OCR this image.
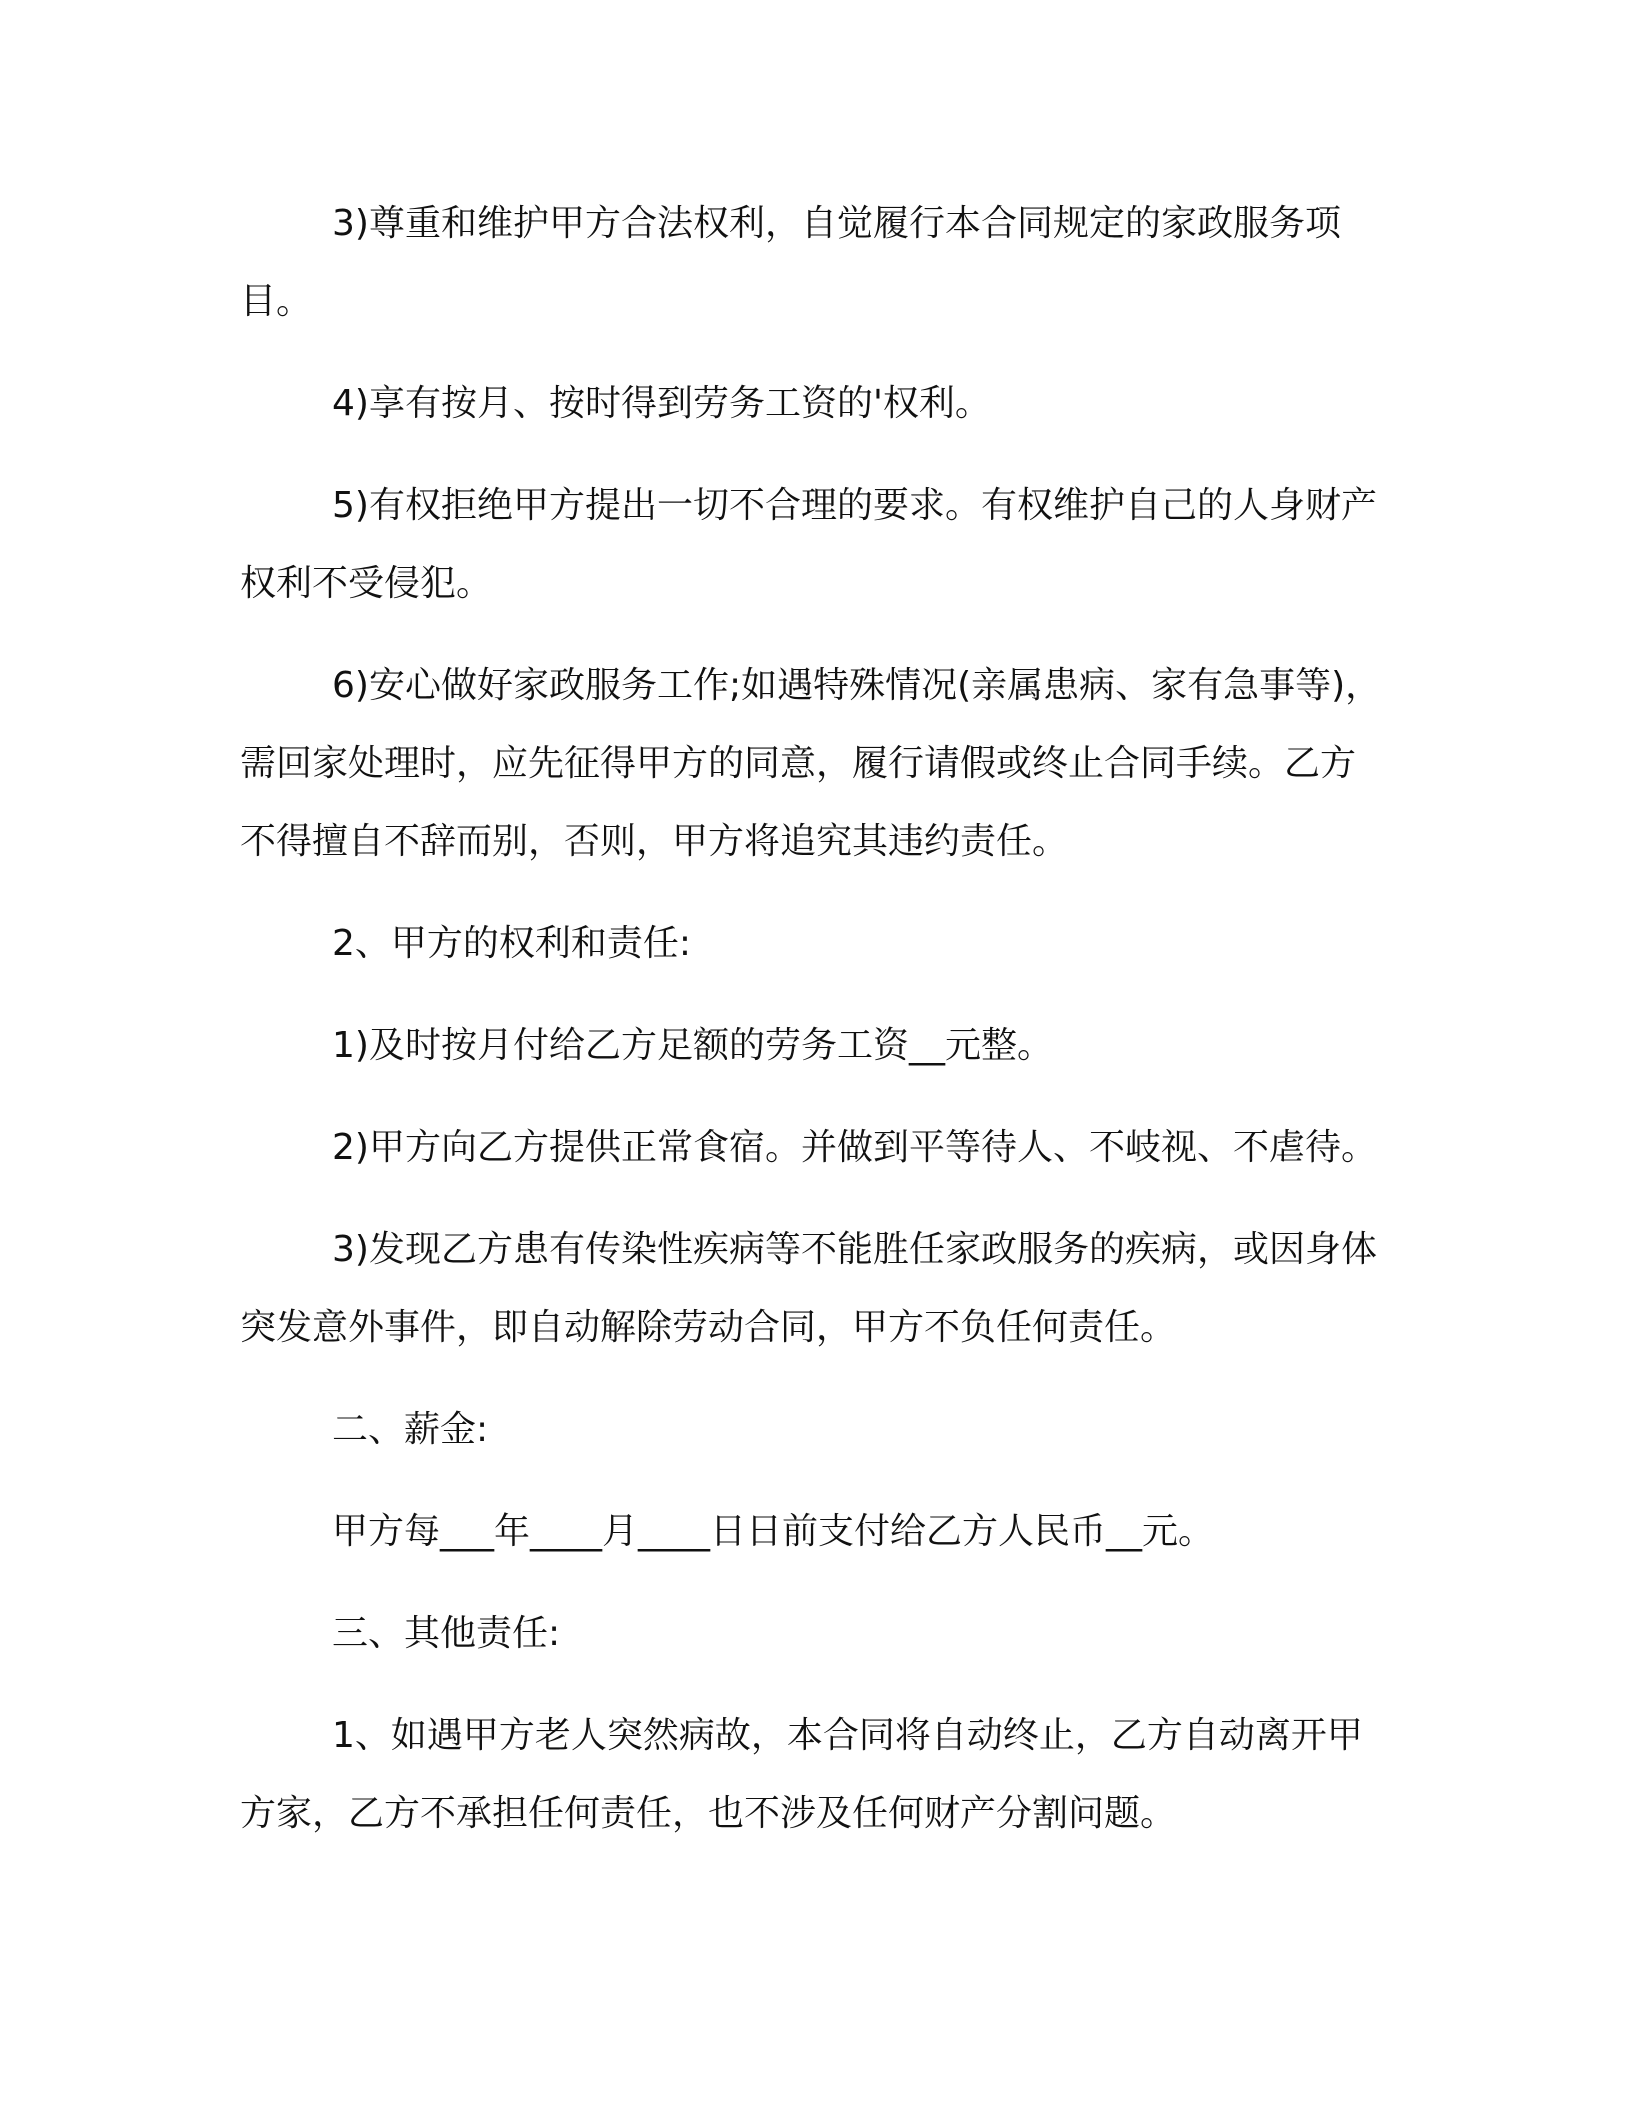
3)尊重和维护甲方合法权利，自觉履行本合同规定的家政服务项目。

4)享有按月、按时得到劳务工资的'权利。

5)有权拒绝甲方提出一切不合理的要求。有权维护自己的人身财产权利不受侵犯。

6)安心做好家政服务工作;如遇特殊情况(亲属患病、家有急事等)，需回家处理时，应先征得甲方的同意，履行请假或终止合同手续。乙方不得擅自不辞而别，否则，甲方将追究其违约责任。

2、甲方的权利和责任:

1)及时按月付给乙方足额的劳务工资__元整。

2)甲方向乙方提供正常食宿。并做到平等待人、不岐视、不虐待。

3)发现乙方患有传染性疾病等不能胜任家政服务的疾病，或因身体突发意外事件，即自动解除劳动合同，甲方不负任何责任。

二、薪金:

甲方每___年____月____日日前支付给乙方人民币__元。

三、其他责任:

1、如遇甲方老人突然病故，本合同将自动终止，乙方自动离开甲方家，乙方不承担任何责任，也不涉及任何财产分割问题。
